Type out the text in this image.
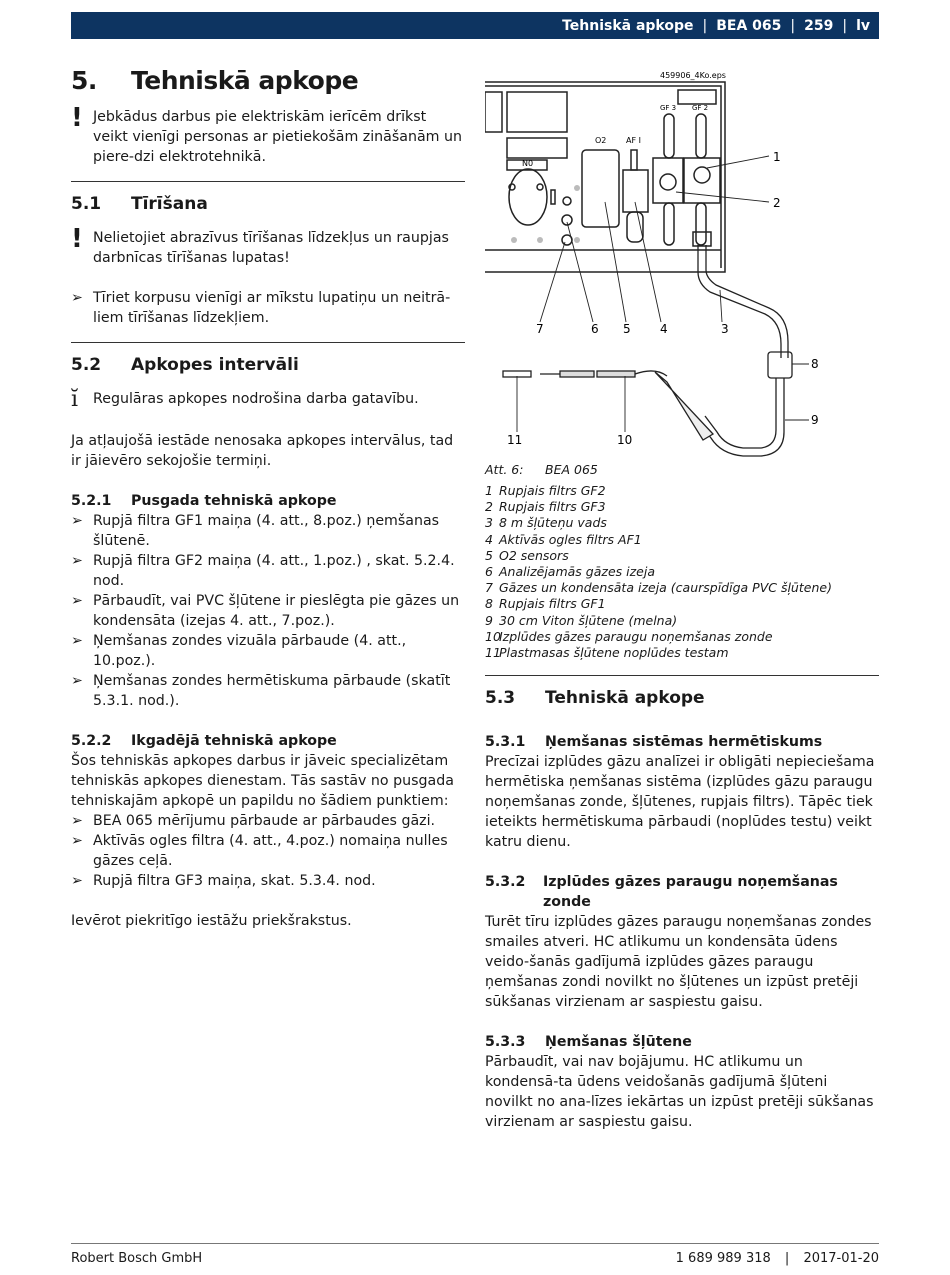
Tehniskā apkope | BEA 065 | 259 | lv
5.	Tehniskā apkope
! Jebkādus darbus pie elektriskām ierīcēm drīkst veikt vienīgi personas ar pietiekošām zināšanām un piere-dzi elektrotehnikā.

5.1	Tīrīšana
! Nelietojiet abrazīvus tīrīšanas līdzekļus un raupjas darbnīcas tīrīšanas lupatas!

➢ Tīriet korpusu vienīgi ar mīkstu lupatiņu un neitrā-liem tīrīšanas līdzekļiem.
5.2	Apkopes intervāli
ĭ	Regulāras apkopes nodrošina darba gatavību.

Ja atļaujošā iestāde nenosaka apkopes intervālus, tad ir jāievēro sekojošie termiņi.

5.2.1	Pusgada tehniskā apkope
➢ Rupjā filtra GF1 maiņa (4. att., 8.poz.) ņemšanas šlūtenē.
➢ Rupjā filtra GF2 maiņa (4. att., 1.poz.) , skat. 5.2.4. nod.
➢ Pārbaudīt, vai PVC šļūtene ir pieslēgta pie gāzes un kondensāta (izejas 4. att., 7.poz.).
➢ Ņemšanas zondes vizuāla pārbaude (4. att., 10.poz.).
➢ Ņemšanas zondes hermētiskuma pārbaude (skatīt 5.3.1. nod.).
5.2.2	Ikgadējā tehniskā apkope

Šos tehniskās apkopes darbus ir jāveic specializētam tehniskās apkopes dienestam. Tās sastāv no pusgada tehniskajām apkopē un papildu no šādiem punktiem:

➢ BEA 065 mērījumu pārbaude ar pārbaudes gāzi.
➢ Aktīvās ogles filtra (4. att., 4.poz.) nomaiņa nulles gāzes ceļā.
➢ Rupjā filtra GF3 maiņa, skat. 5.3.4. nod.

Ievērot piekritīgo iestāžu priekšrakstus.

459906_4Ko.eps
O2 AF I
N0
GF 3 GF 2
1
2
3
4
5
6
7
8
9
10
11
Att. 6:	BEA 065
1 Rupjais filtrs GF2
2 Rupjais filtrs GF3
3 8 m šļūteņu vads
4 Aktīvās ogles filtrs AF1
5 O2 sensors
6 Analizējamās gāzes izeja
7 Gāzes un kondensāta izeja (caurspīdīga PVC šļūtene)
8 Rupjais filtrs GF1
9 30 cm Viton šļūtene (melna)
10
Izplūdes gāzes paraugu noņemšanas zonde
11
Plastmasas šļūtene noplūdes testam
5.3	Tehniskā apkope
5.3.1	Ņemšanas sistēmas hermētiskums

Precīzai izplūdes gāzu analīzei ir obligāti nepieciešama hermētiska ņemšanas sistēma (izplūdes gāzu paraugu noņemšanas zonde, šļūtenes, rupjais filtrs). Tāpēc tiek ieteikts hermētiskuma pārbaudi (noplūdes testu) veikt katru dienu.

5.3.2	Izplūdes gāzes paraugu noņemšanas zonde

Turēt tīru izplūdes gāzes paraugu noņemšanas zondes smailes atveri. HC atlikumu un kondensāta ūdens veido-šanās gadījumā izplūdes gāzes paraugu ņemšanas zondi novilkt no šļūtenes un izpūst pretēji sūkšanas virzienam ar saspiestu gaisu.

5.3.3	Ņemšanas šļūtene

Pārbaudīt, vai nav bojājumu. HC atlikumu un kondensā-ta ūdens veidošanās gadījumā šļūteni novilkt no ana-līzes iekārtas un izpūst pretēji sūkšanas virzienam ar saspiestu gaisu.

Robert Bosch GmbH	1 689 989 318 | 2017-01-20
